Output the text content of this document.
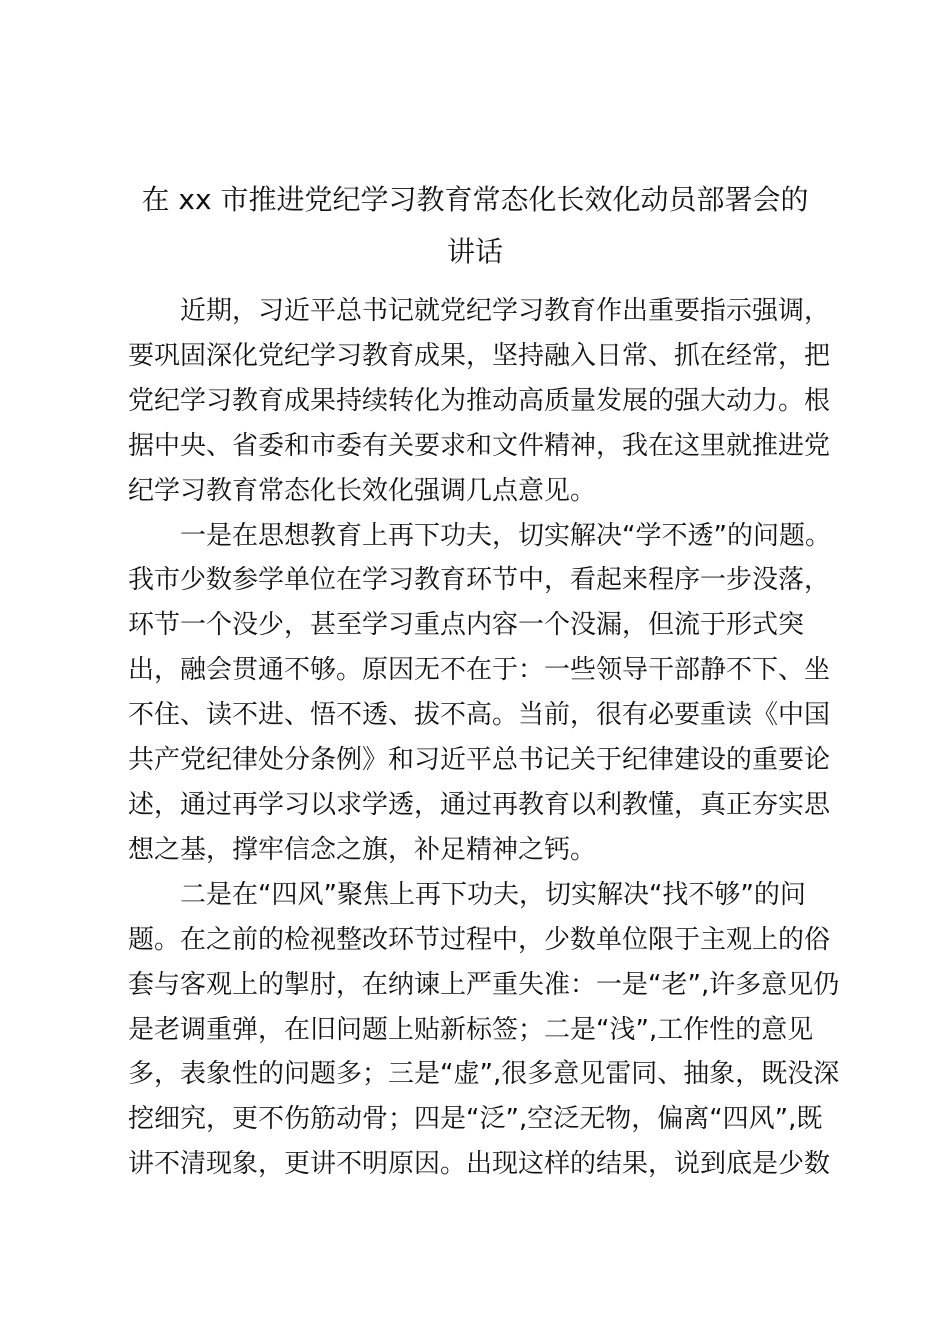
在 xx 市推进党纪学习教育常态化长效化动员部署会的
讲话
近期，习近平总书记就党纪学习教育作出重要指示强调，
要巩固深化党纪学习教育成果，坚持融入日常、抓在经常，把
党纪学习教育成果持续转化为推动高质量发展的强大动力。根
据中央、省委和市委有关要求和文件精神，我在这里就推进党
纪学习教育常态化长效化强调几点意见。
一是在思想教育上再下功夫，切实解决“学不透”的问题。
我市少数参学单位在学习教育环节中，看起来程序一步没落，
环节一个没少，甚至学习重点内容一个没漏，但流于形式突
出，融会贯通不够。原因无不在于：一些领导干部静不下、坐
不住、读不进、悟不透、拔不高。当前，很有必要重读《中国
共产党纪律处分条例》和习近平总书记关于纪律建设的重要论
述，通过再学习以求学透，通过再教育以利教懂，真正夯实思
想之基，撑牢信念之旗，补足精神之钙。
二是在“四风”聚焦上再下功夫，切实解决“找不够”的问
题。在之前的检视整改环节过程中，少数单位限于主观上的俗
套与客观上的掣肘，在纳谏上严重失准：一是“老”,许多意见仍
是老调重弹，在旧问题上贴新标签；二是“浅”,工作性的意见
多，表象性的问题多；三是“虚”,很多意见雷同、抽象，既没深
挖细究，更不伤筋动骨；四是“泛”,空泛无物，偏离“四风”,既
讲不清现象，更讲不明原因。出现这样的结果，说到底是少数
